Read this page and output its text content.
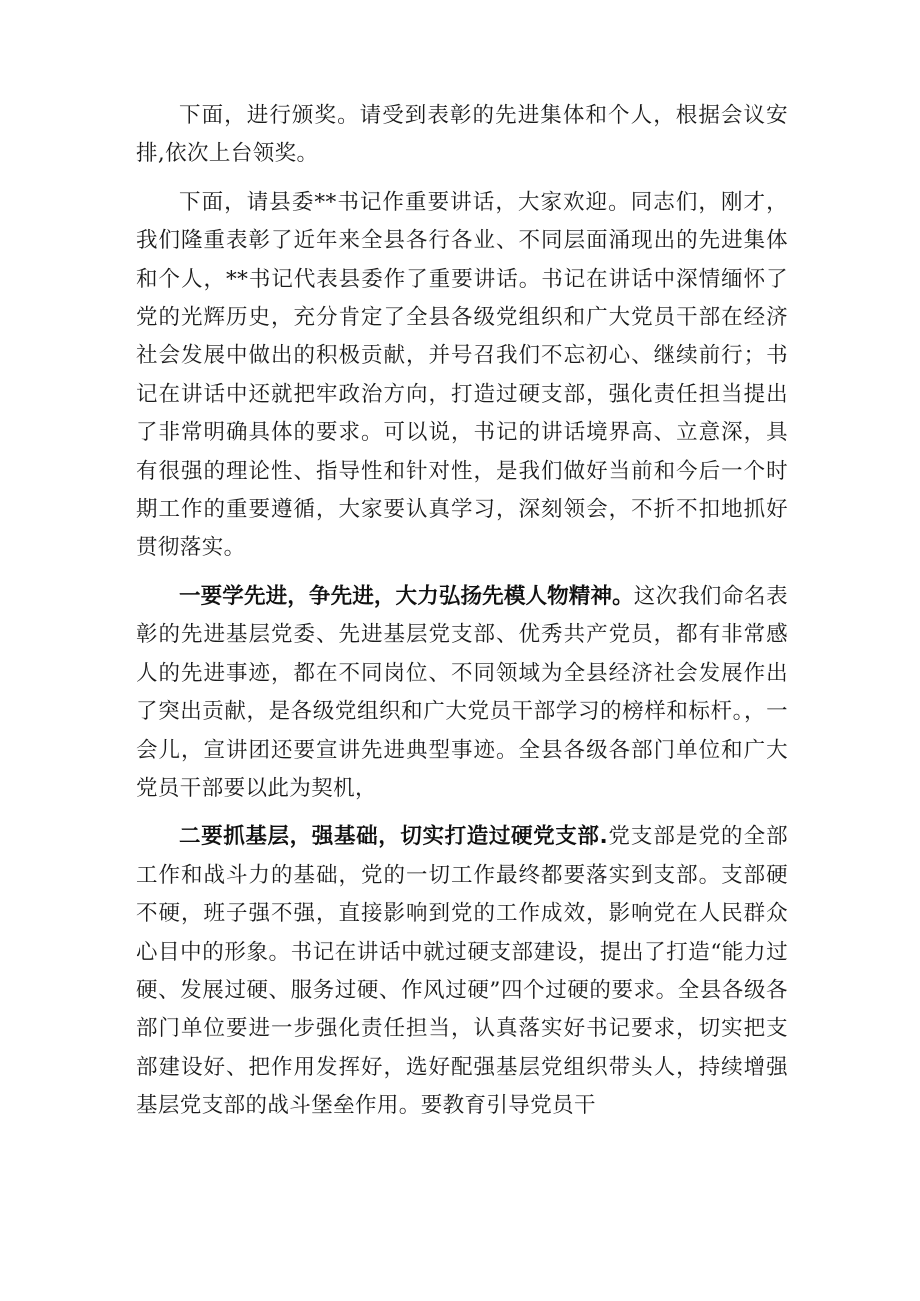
下面，进行颁奖。请受到表彰的先进集体和个人，根据会议安排,依次上台领奖。

下面，请县委**书记作重要讲话，大家欢迎。同志们，刚才，我们隆重表彰了近年来全县各行各业、不同层面涌现出的先进集体和个人，**书记代表县委作了重要讲话。书记在讲话中深情缅怀了党的光辉历史，充分肯定了全县各级党组织和广大党员干部在经济社会发展中做出的积极贡献，并号召我们不忘初心、继续前行；书记在讲话中还就把牢政治方向，打造过硬支部，强化责任担当提出了非常明确具体的要求。可以说，书记的讲话境界高、立意深，具有很强的理论性、指导性和针对性，是我们做好当前和今后一个时期工作的重要遵循，大家要认真学习，深刻领会，不折不扣地抓好贯彻落实。

一要学先进，争先进，大力弘扬先模人物精神。这次我们命名表彰的先进基层党委、先进基层党支部、优秀共产党员，都有非常感人的先进事迹，都在不同岗位、不同领域为全县经济社会发展作出了突出贡献，是各级党组织和广大党员干部学习的榜样和标杆。，一会儿，宣讲团还要宣讲先进典型事迹。全县各级各部门单位和广大党员干部要以此为契机，

二要抓基层，强基础，切实打造过硬党支部.党支部是党的全部工作和战斗力的基础，党的一切工作最终都要落实到支部。支部硬不硬，班子强不强，直接影响到党的工作成效，影响党在人民群众心目中的形象。书记在讲话中就过硬支部建设，提出了打造“能力过硬、发展过硬、服务过硬、作风过硬”四个过硬的要求。全县各级各部门单位要进一步强化责任担当，认真落实好书记要求，切实把支部建设好、把作用发挥好，选好配强基层党组织带头人，持续增强基层党支部的战斗堡垒作用。要教育引导党员干
